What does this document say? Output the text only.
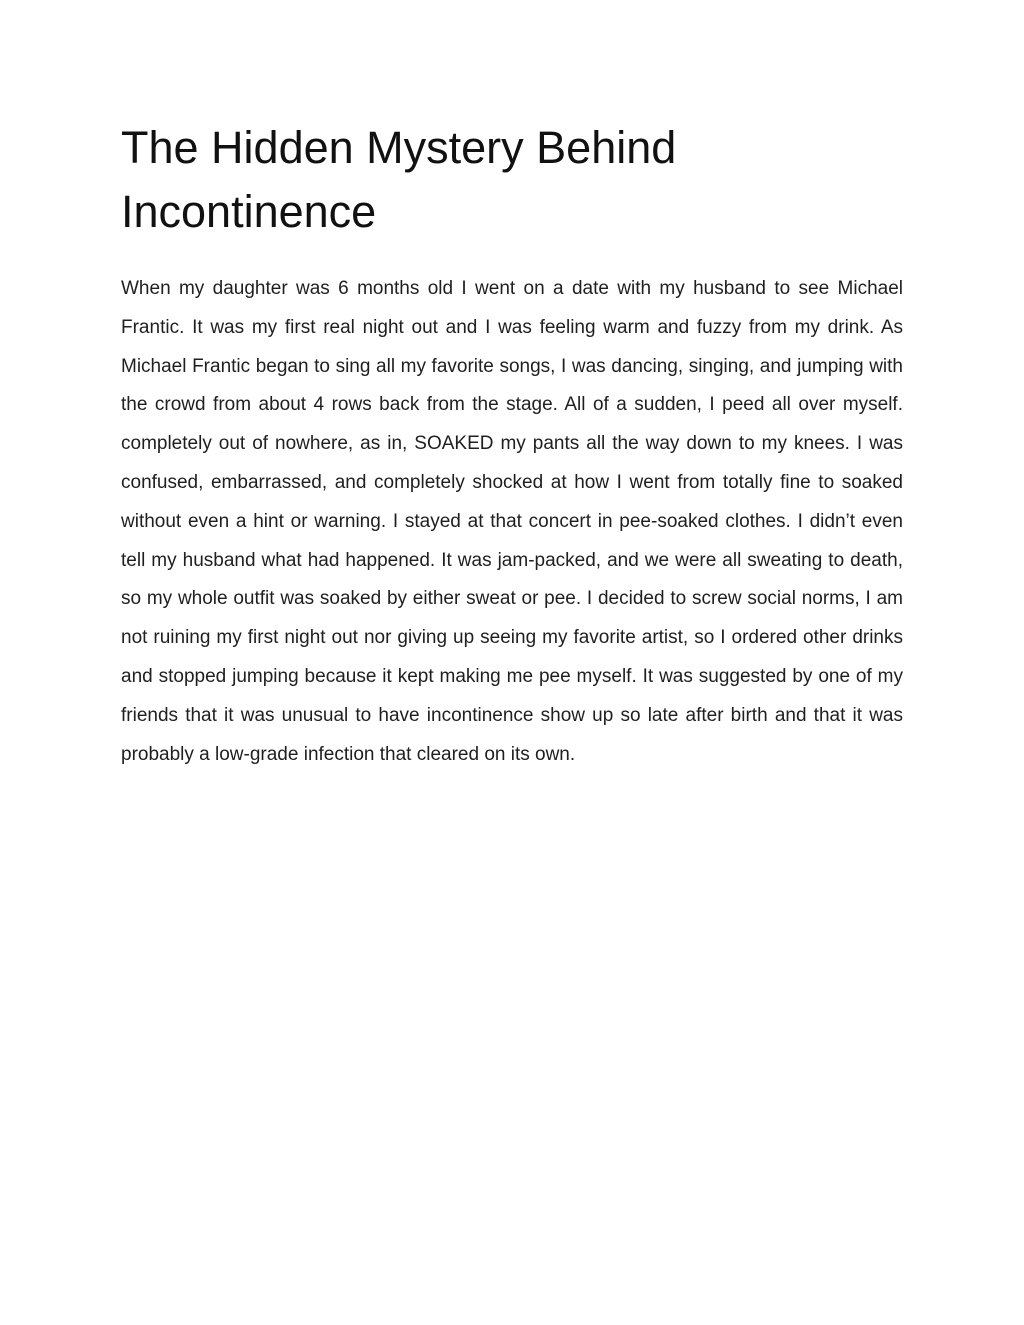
The Hidden Mystery Behind Incontinence

When my daughter was 6 months old I went on a date with my husband to see Michael Frantic. It was my first real night out and I was feeling warm and fuzzy from my drink. As Michael Frantic began to sing all my favorite songs, I was dancing, singing, and jumping with the crowd from about 4 rows back from the stage. All of a sudden, I peed all over myself. completely out of nowhere, as in, SOAKED my pants all the way down to my knees. I was confused, embarrassed, and completely shocked at how I went from totally fine to soaked without even a hint or warning. I stayed at that concert in pee-soaked clothes. I didn’t even tell my husband what had happened. It was jam-packed, and we were all sweating to death, so my whole outfit was soaked by either sweat or pee. I decided to screw social norms, I am not ruining my first night out nor giving up seeing my favorite artist, so I ordered other drinks and stopped jumping because it kept making me pee myself. It was suggested by one of my friends that it was unusual to have incontinence show up so late after birth and that it was probably a low-grade infection that cleared on its own.
